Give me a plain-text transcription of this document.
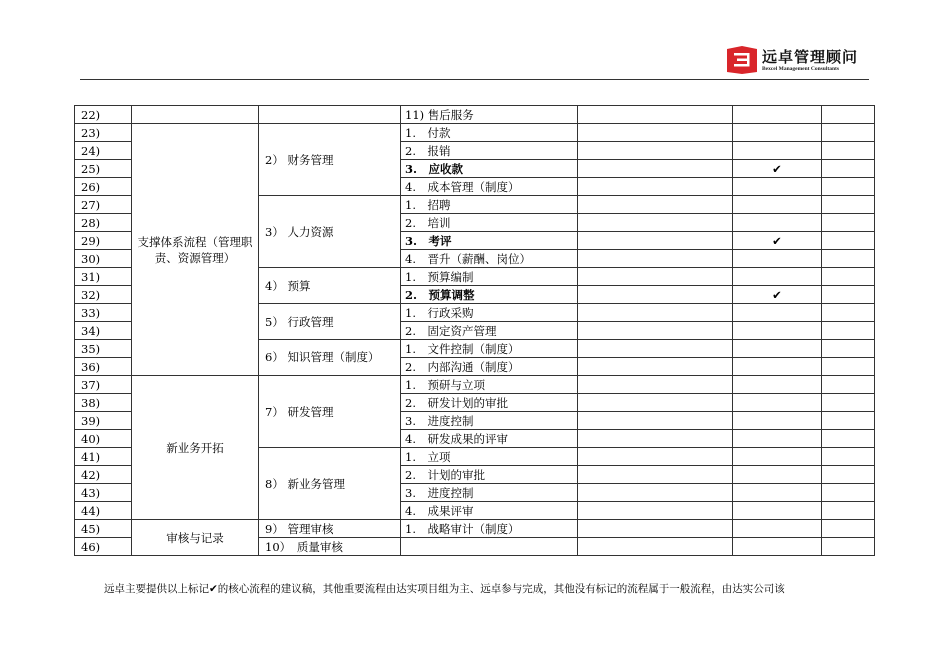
远卓管理顾问
Bexcel Management Consultants
22)			11) 售后服务			
23)	支撑体系流程（管理职责、资源管理）	2） 财务管理	1.　付款			
24)			2.　报销			
25)			3.　应收款		✔	
26)			4.　成本管理（制度）			
27)		3） 人力资源	1.　招聘			
28)			2.　培训			
29)			3.　考评		✔	
30)			4.　晋升（薪酬、岗位）			
31)		4） 预算	1.　预算编制			
32)			2.　预算调整		✔	
33)		5） 行政管理	1.　行政采购			
34)			2.　固定资产管理			
35)		6） 知识管理（制度）	1.　文件控制（制度）			
36)			2.　内部沟通（制度）			
37)	新业务开拓	7） 研发管理	1.　预研与立项			
38)			2.　研发计划的审批			
39)			3.　进度控制			
40)			4.　研发成果的评审			
41)		8） 新业务管理	1.　立项			
42)			2.　计划的审批			
43)			3.　进度控制			
44)			4.　成果评审			
45)	审核与记录	9） 管理审核	1.　战略审计（制度）			
46)		10）　质量审核				
远卓主要提供以上标记✔的核心流程的建议稿，其他重要流程由达实项目组为主、远卓参与完成，其他没有标记的流程属于一般流程，由达实公司该
